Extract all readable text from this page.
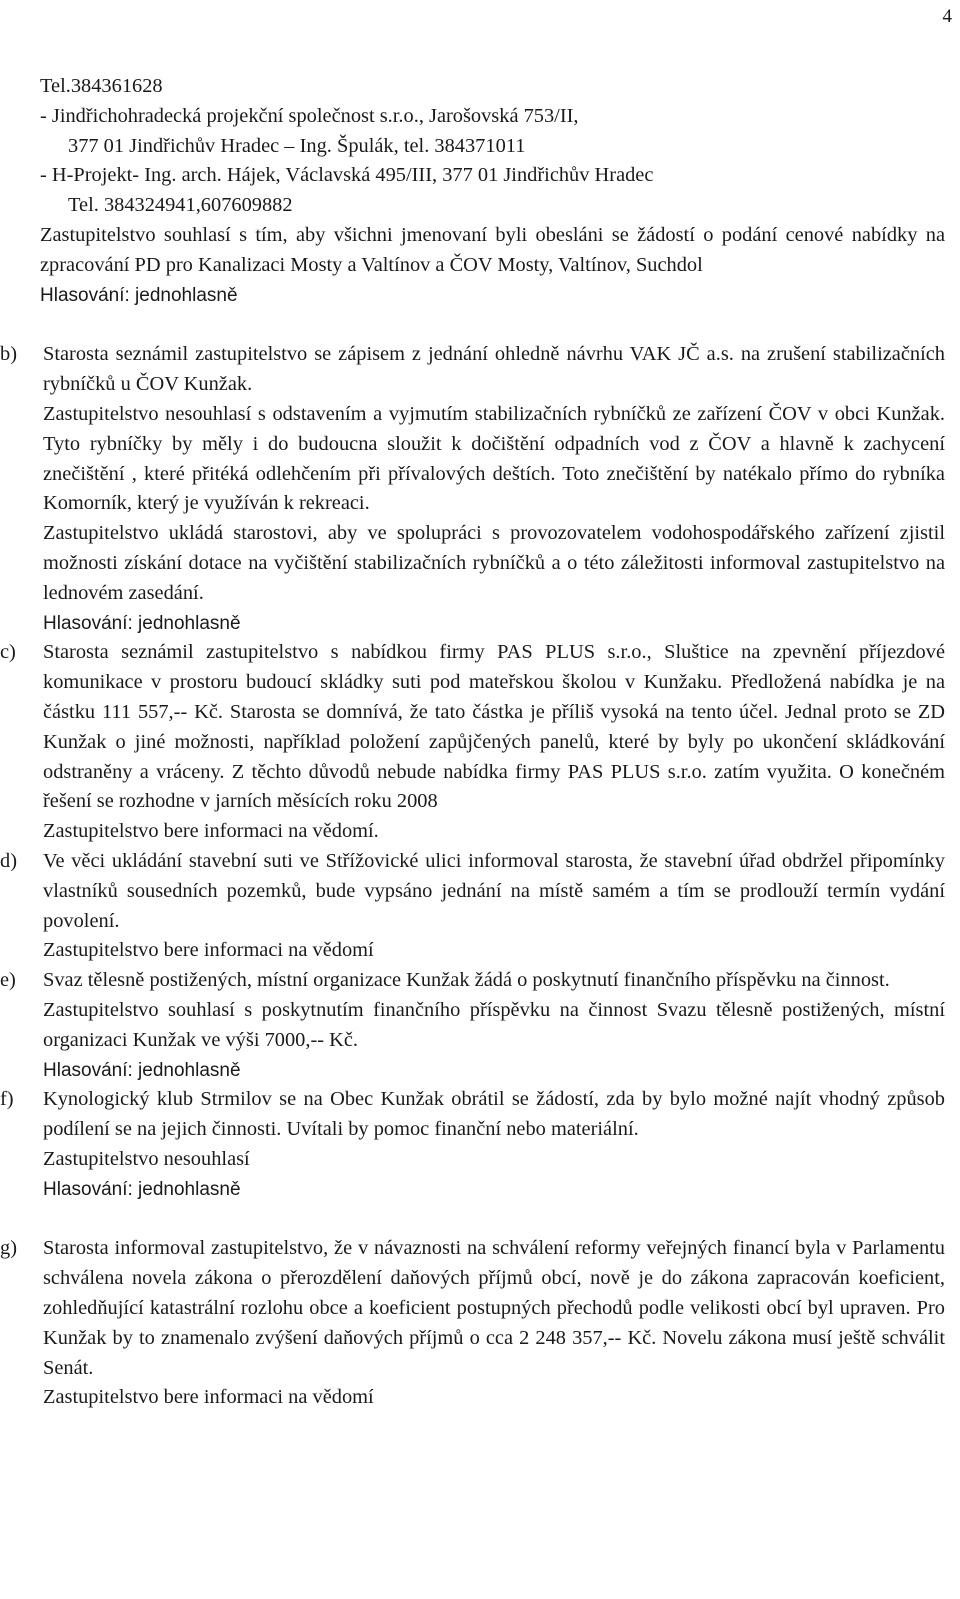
4
Tel.384361628
- Jindřichohradecká projekční společnost s.r.o., Jarošovská 753/II,
377 01 Jindřichův Hradec – Ing. Špulák, tel. 384371011
- H-Projekt- Ing. arch. Hájek, Václavská 495/III, 377 01 Jindřichův Hradec
Tel. 384324941,607609882
Zastupitelstvo souhlasí s tím, aby všichni jmenovaní byli obesláni se žádostí o podání cenové nabídky na zpracování PD pro Kanalizaci Mosty a Valtínov a ČOV Mosty, Valtínov, Suchdol
Hlasování: jednohlasně
b)	Starosta seznámil zastupitelstvo se zápisem z jednání ohledně návrhu VAK JČ a.s. na zrušení stabilizačních rybníčků u ČOV Kunžak.
Zastupitelstvo nesouhlasí s odstavením a vyjmutím stabilizačních rybníčků ze zařízení ČOV v obci Kunžak. Tyto rybníčky by měly i do budoucna sloužit k dočištění odpadních vod z ČOV a hlavně k zachycení znečištění , které přitéká odlehčením při přívalových deštích. Toto znečištění by natékalo přímo do rybníka Komorník, který je využíván k rekreaci.
Zastupitelstvo ukládá starostovi, aby ve spolupráci s provozovatelem vodohospodářského zařízení zjistil možnosti získání dotace na vyčištění stabilizačních rybníčků a o této záležitosti informoval zastupitelstvo na lednovém zasedání.
Hlasování: jednohlasně
c)	Starosta seznámil zastupitelstvo s nabídkou firmy PAS PLUS s.r.o., Sluštice na zpevnění příjezdové komunikace v prostoru budoucí skládky suti pod mateřskou školou v Kunžaku. Předložená nabídka je na částku 111 557,-- Kč. Starosta se domnívá, že tato částka je příliš vysoká na tento účel. Jednal proto se ZD Kunžak o jiné možnosti, například položení zapůjčených panelů, které by byly po ukončení skládkování odstraněny a vráceny. Z těchto důvodů nebude nabídka firmy PAS PLUS s.r.o. zatím využita. O konečném řešení se rozhodne v jarních měsících roku 2008
Zastupitelstvo bere informaci na vědomí.
d)	Ve věci ukládání stavební suti ve Střížovické ulici informoval starosta, že stavební úřad obdržel připomínky vlastníků sousedních pozemků, bude vypsáno jednání na místě samém a tím se prodlouží termín vydání povolení.
Zastupitelstvo bere informaci na vědomí
e)	Svaz tělesně postižených, místní organizace Kunžak žádá o poskytnutí finančního příspěvku na činnost.
Zastupitelstvo souhlasí s poskytnutím finančního příspěvku na činnost Svazu tělesně postižených, místní organizaci Kunžak ve výši 7000,-- Kč.
Hlasování: jednohlasně
f)	Kynologický klub Strmilov se na Obec Kunžak obrátil se žádostí, zda by bylo možné najít vhodný způsob podílení se na jejich činnosti. Uvítali by pomoc finanční nebo materiální.
Zastupitelstvo nesouhlasí
Hlasování: jednohlasně
g)	Starosta informoval zastupitelstvo, že v návaznosti na schválení reformy veřejných financí byla v Parlamentu schválena novela zákona o přerozdělení daňových příjmů obcí, nově je do zákona zapracován koeficient, zohledňující katastrální rozlohu obce a koeficient postupných přechodů podle velikosti obcí byl upraven. Pro Kunžak by to znamenalo zvýšení daňových příjmů o cca 2 248 357,-- Kč. Novelu zákona musí ještě schválit Senát.
Zastupitelstvo bere informaci na vědomí
